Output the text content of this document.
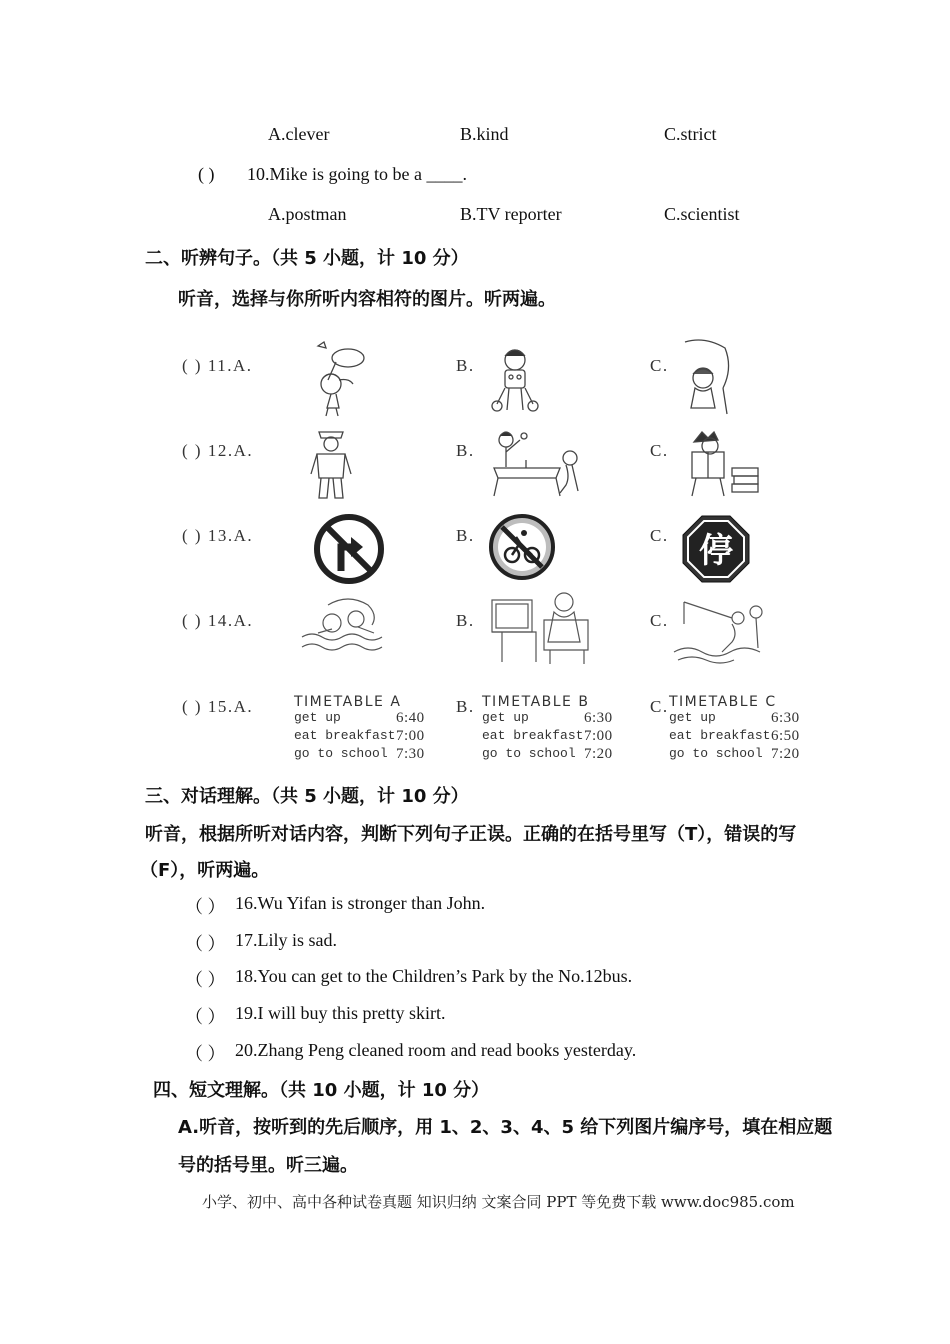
A.clever	B.kind	C.strict
( ) 10.Mike is going to be a ____.
A.postman	B.TV reporter	C.scientist
二、听辨句子。（共 5 小题，计 10 分）
听音，选择与你所听内容相符的图片。听两遍。
( ) 11.A.	B.	C.
( ) 12.A.	B.	C.
( ) 13.A.	B.	C. 停
( ) 14.A.	B.	C.
( ) 15.A.	B.	C.
TIMETABLE A
get up	6:40
eat breakfast 7:00
go to school 7:30
TIMETABLE B
get up	6:30
eat breakfast 7:00
go to school 7:20
TIMETABLE C
get up	6:30
eat breakfast 6:50
go to school 7:20
三、对话理解。（共 5 小题，计 10 分）
听音，根据所听对话内容，判断下列句子正误。正确的在括号里写（T），错误的写
（F），听两遍。
（ ） 16.Wu Yifan is stronger than John.
（ ） 17.Lily is sad.
（ ） 18.You can get to the Children’s Park by the No.12bus.
（ ） 19.I will buy this pretty skirt.
（ ） 20.Zhang Peng cleaned room and read books yesterday.
四、短文理解。（共 10 小题，计 10 分）
A.听音，按听到的先后顺序，用 1、2、3、4、5 给下列图片编序号，填在相应题
号的括号里。听三遍。
小学、初中、高中各种试卷真题 知识归纳 文案合同 PPT 等免费下载 www.doc985.com
